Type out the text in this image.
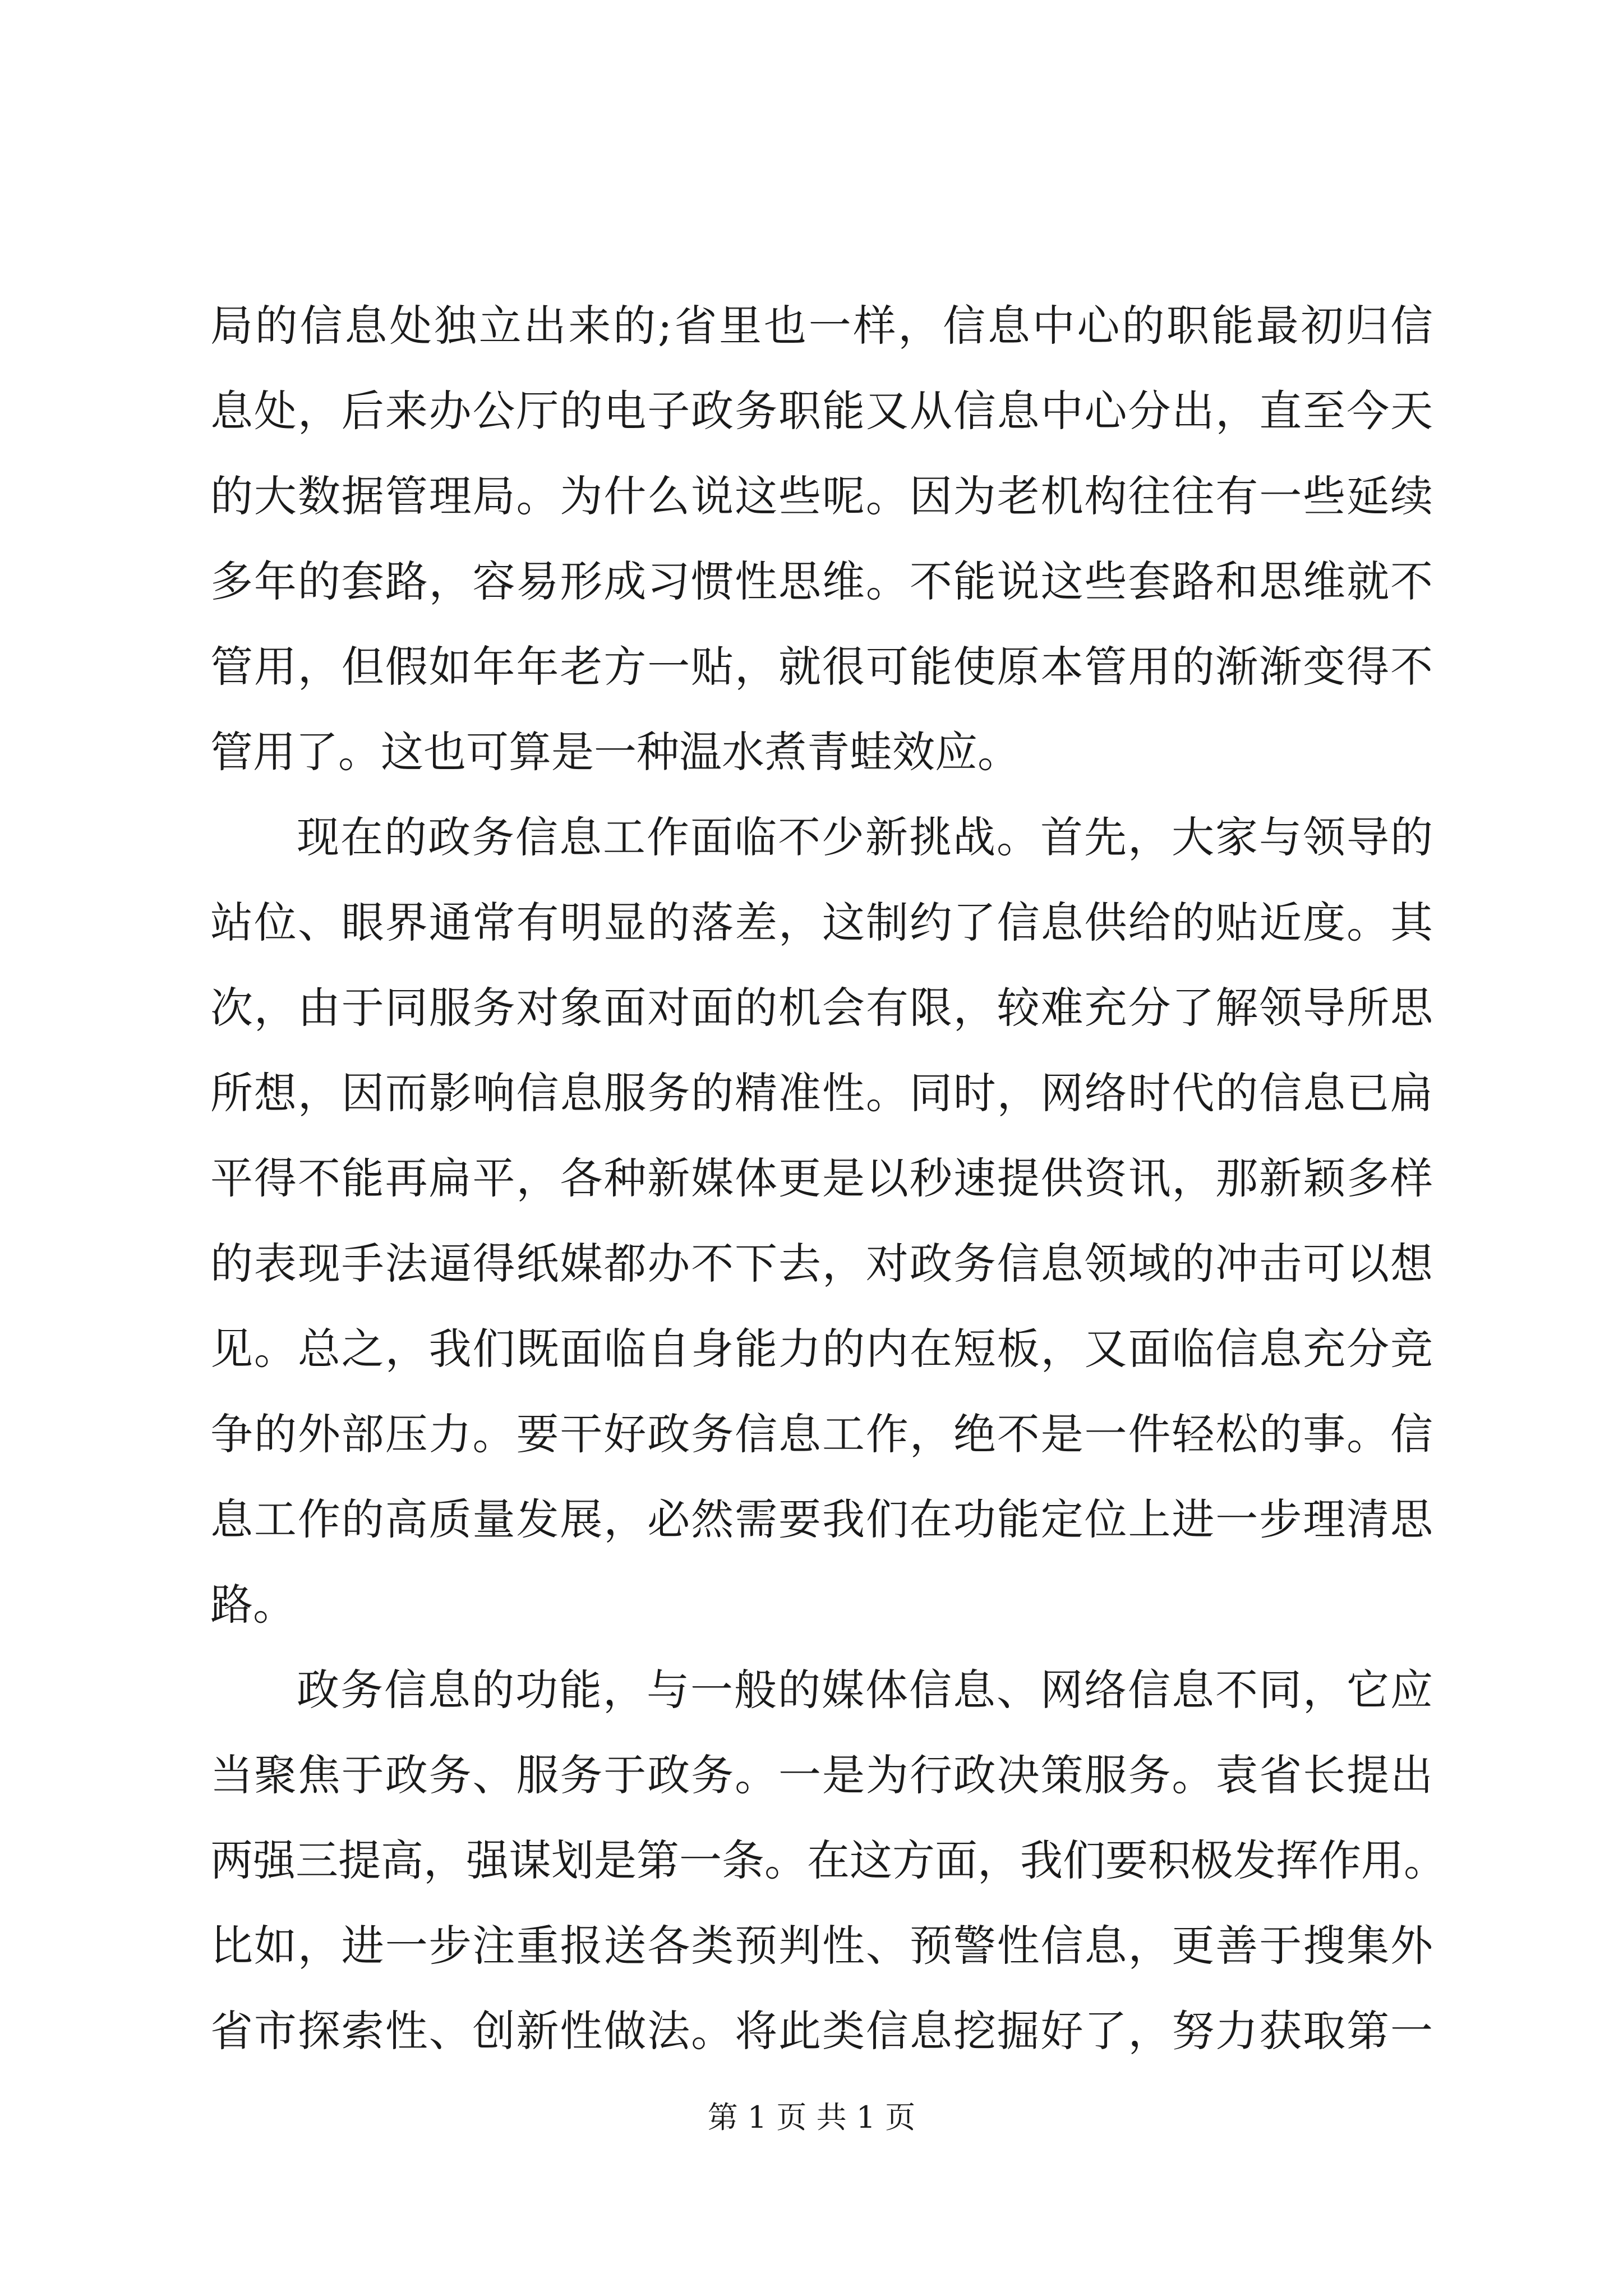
局的信息处独立出来的;省里也一样，信息中心的职能最初归信
息处，后来办公厅的电子政务职能又从信息中心分出，直至今天
的大数据管理局。为什么说这些呢。因为老机构往往有一些延续
多年的套路，容易形成习惯性思维。不能说这些套路和思维就不
管用，但假如年年老方一贴，就很可能使原本管用的渐渐变得不
管用了。这也可算是一种温水煮青蛙效应。
现在的政务信息工作面临不少新挑战。首先，大家与领导的
站位、眼界通常有明显的落差，这制约了信息供给的贴近度。其
次，由于同服务对象面对面的机会有限，较难充分了解领导所思
所想，因而影响信息服务的精准性。同时，网络时代的信息已扁
平得不能再扁平，各种新媒体更是以秒速提供资讯，那新颖多样
的表现手法逼得纸媒都办不下去，对政务信息领域的冲击可以想
见。总之，我们既面临自身能力的内在短板，又面临信息充分竞
争的外部压力。要干好政务信息工作，绝不是一件轻松的事。信
息工作的高质量发展，必然需要我们在功能定位上进一步理清思
路。
政务信息的功能，与一般的媒体信息、网络信息不同，它应
当聚焦于政务、服务于政务。一是为行政决策服务。袁省长提出
两强三提高，强谋划是第一条。在这方面，我们要积极发挥作用。
比如，进一步注重报送各类预判性、预警性信息，更善于搜集外
省市探索性、创新性做法。将此类信息挖掘好了，努力获取第一
第 1 页 共 1 页
